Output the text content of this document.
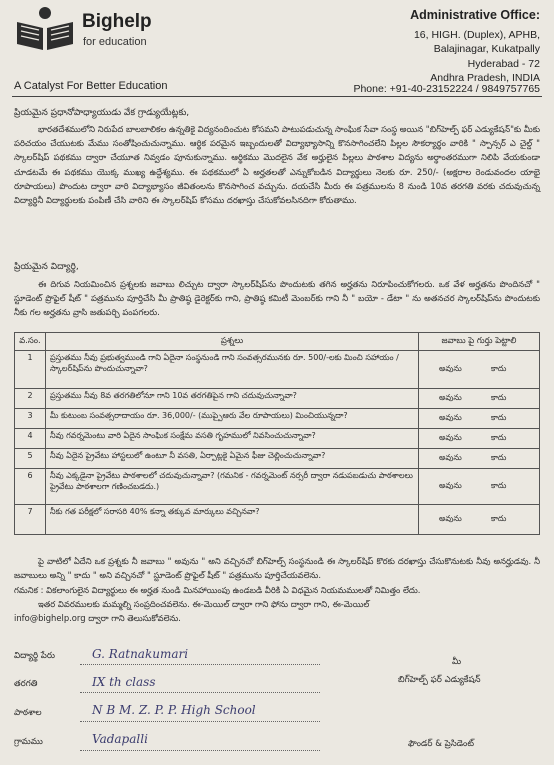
Bighelp
for education
A Catalyst For Better Education
Administrative Office:
16, HIGH. (Duplex), APHB,
Balajinagar, Kukatpally
Hyderabad - 72
Andhra Pradesh, INDIA
Phone: +91-40-23152224 / 9849757765
ప్రియమైన ప్రధానోపాధ్యాయుడు వేక గ్రాడ్యుయేట్లకు,
భారతదేశములోని నిరుపేద బాలబాలికల ఉన్నతికై విద్యనందించుట కోసమని పాటుపడుచున్న సాంఘిక సేవా సంస్థ అయిన "బిగ్‌హెల్ప్ ఫర్ ఎడ్యుకేషన్"కు మీకు పరిచయం చేయుటకు మేము సంతోషించుచున్నాము. ఆర్థిక పరమైన ఇబ్బందులతో విద్యాభ్యాసాన్ని కొనసాగించలేని పిల్లల సౌకర్యార్థం వారికి " స్పాన్సర్ ఎ చైల్డ్ " స్కాలర్‌షిప్ పథకము ద్వారా చేయూత నివ్వడం పూనుకున్నాము. ఆర్థికము మొదలైన వేక అర్హులైన పిల్లలు పాఠశాల విద్యను అర్థాంతరముగా నిలిపి వేయకుండా చూడటమే ఈ పథకము యొక్క ముఖ్య ఉద్దేశ్యము. ఈ పథకములో ఏ అర్హతలతో ఎన్నుకోబడిన విద్యార్థులు నెలకు రూ. 250/- (అక్షరాల రెండువందల యాభై రూపాయలు) పొందుట ద్వారా వారి విద్యాభ్యాసం జీవితంలను కొనసాగించ వచ్చును. దయచేసి మీరు ఈ పత్రములను 8 నుండి 10వ తరగతి వరకు చదువుచున్న విద్యార్థినీ విద్యార్థులకు పంపిణీ చేసి వారిని ఈ స్కాలర్‌షిప్ కోసము దరఖాస్తు చేసుకోవలసినదిగా కోరుతాము.
ప్రియమైన విద్యార్థి,
ఈ దిగువ నియమించిన ప్రశ్నలకు జవాబు లిచ్చుట ద్వారా స్కాలర్‌షిప్‌ను పొందుటకు తగిన అర్హతను నిరూపించుకోగలరు. ఒక వేళ అర్హతను పొందినచో " స్టూడెంట్ ప్రొఫైల్ షీట్ " పత్రమును పూర్తిచేసి మీ ప్రాతిష్ఠ డైరెక్టర్‌కు గాని, ప్రాతిష్ఠ కమిటీ మెంబర్‌కు గాని నీ " బయో - డేటా " ను అతనచర స్కాలర్‌షిప్‌ను పొందుటకు నీకు గల అర్హతను వ్రాసి జతుపర్చి పంపగలరు.
వ.సం.	ప్రశ్నలు	జవాబు పై గుర్తు పెట్టాలి
1	ప్రస్తుతము నీవు ప్రభుత్వముండి గాని ఏదైనా సంస్థనుండి గాని సంవత్సరమునకు రూ. 500/-లకు మించి సహాయం / స్కాలర్‌షిప్‌ను పొందుచున్నావా?	అవును కాదు
2	ప్రస్తుతము నీవు 8వ తరగతిలోనూ గాని 10వ తరగతిపైన గాని చదువుచున్నావా?	అవును కాదు
3	మీ కుటుంబ సంవత్సరాదాయం రూ. 36,000/- (ముప్పైఆరు వేల రూపాయలు) మించియున్నదా?	అవును కాదు
4	నీవు గవర్నమెంటు వారి ఏదైన సాంఘిక సంక్షేమ వసతి గృహములో నివసించుచున్నావా?	అవును కాదు
5	నీవు ఏదైన ప్రైవేటు హాస్టలులో ఉంటూ నీ వసతి, ఏర్పాట్లకై ఏమైన ఫీజు చెల్లించుచున్నావా?	అవును కాదు
6	నీవు ఎక్కడైనా ప్రైవేటు పాఠశాలలో చదువుచున్నావా? (గమనిక - గవర్నమెంట్ నర్సరీ ద్వారా నడుపబడుచు పాఠశాలలు ప్రైవేటు పాఠశాలగా గణించబడదు.)	అవును కాదు
7	నీకు గత పరీక్షలో సరాసరి 40% కన్నా తక్కువ మార్కులు వచ్చినవా?	అవును కాదు
పై వాటిలో ఏదేని ఒక ప్రశ్నకు నీ జవాబు " అవును " అని వచ్చినచో బిగ్‌హెల్ప్ సంస్థనుండి ఈ స్కాలర్‌షిప్ కొరకు దరఖాస్తు చేసుకొనుటకు నీవు అనర్హుడవు. నీ జవాబులు అన్ని " కాదు " అని వచ్చినచో " స్టూడెంట్ ప్రొఫైల్ షీట్ " పత్రమును పూర్తిచేయవలెను.
గమనిక : వికలాంగులైన విద్యార్థులు ఈ అర్హత నుండి మినహాయింపు ఉండబడి వీరికి ఏ విధమైన నియమములతో నిమిత్తం లేదు.
ఇతర వివరములకు మమ్మల్ని సంప్రదించవలెను. ఈ-మెయిల్ ద్వారా గాని ఫోను ద్వారా గాని, ఈ-మెయిల్
info@bighelp.org ద్వారా గాని తెలుసుకోవలెను.
విద్యార్థి పేరు	G. Ratnakumari
తరగతి	IX th class
పాఠశాల	N B M. Z. P. P. High School
గ్రామము	Vadapalli
మీ
బిగ్‌హెల్ప్ ఫర్ ఎడ్యుకేషన్
ఫౌండర్ & ప్రెసిడెంట్
